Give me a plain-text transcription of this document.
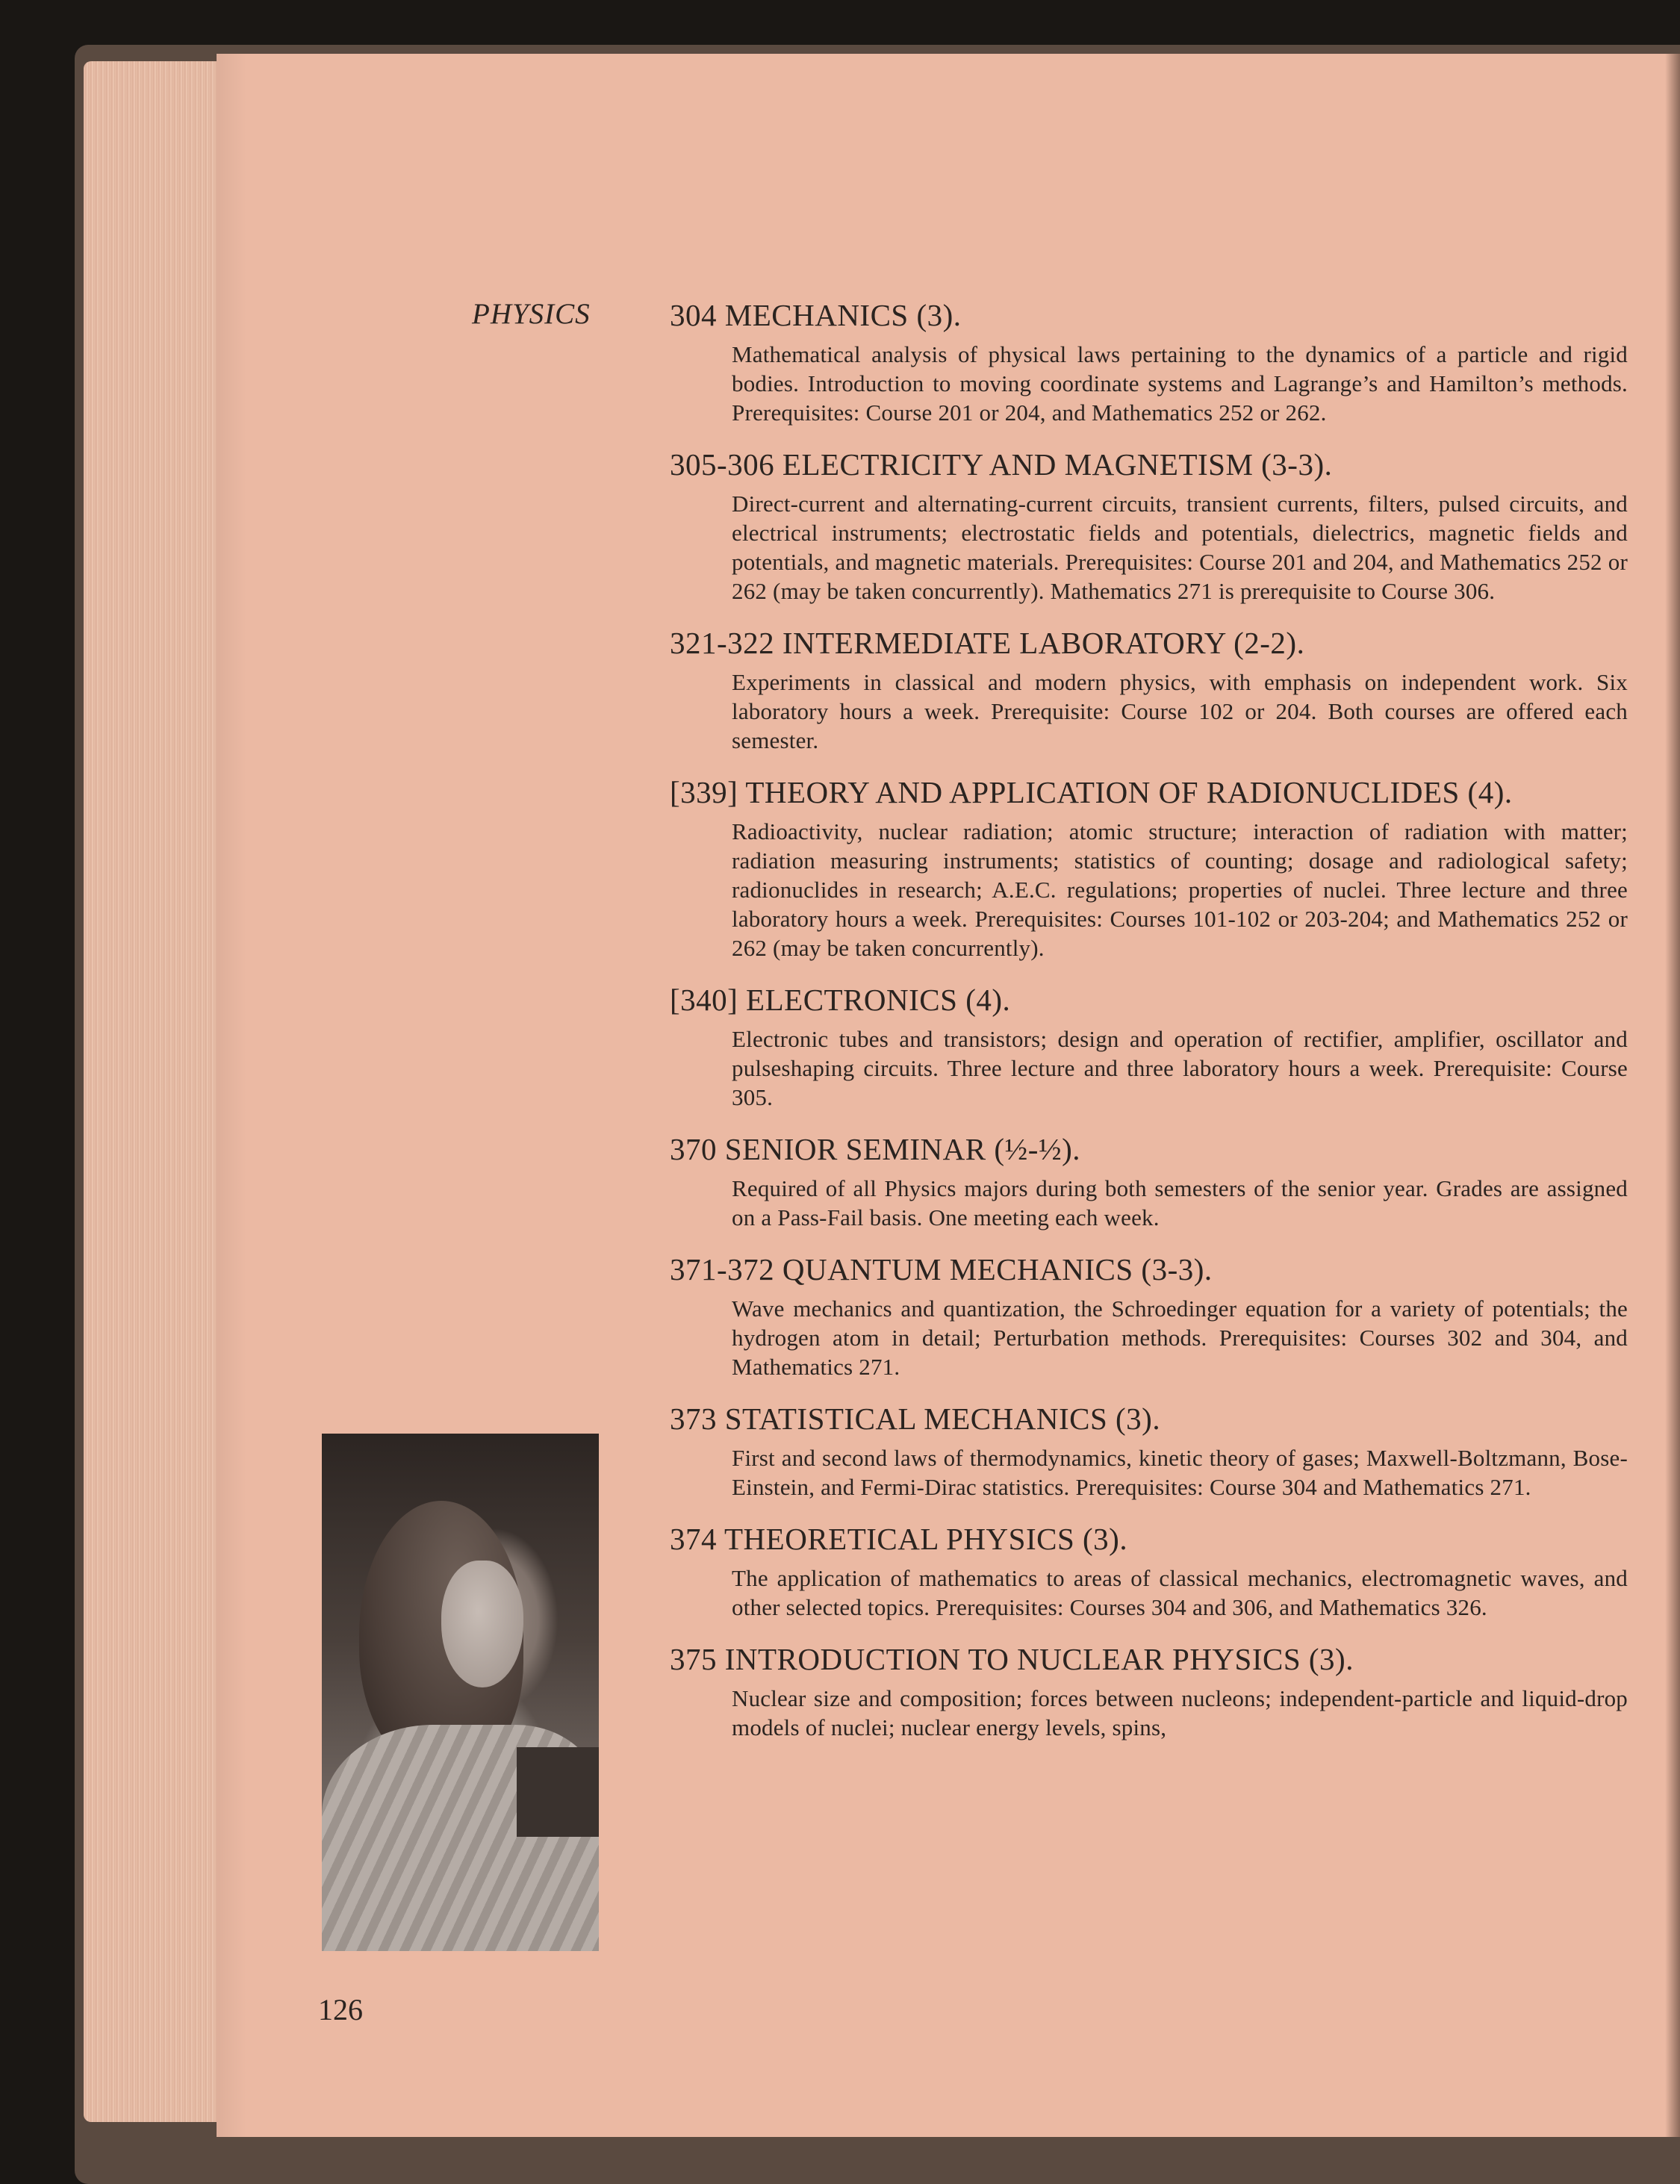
PHYSICS	304 MECHANICS (3).
Mathematical analysis of physical laws pertaining to the dynamics of a particle and rigid bodies. Introduction to moving coordinate systems and Lagrange’s and Hamilton’s methods. Prerequisites: Course 201 or 204, and Mathematics 252 or 262.
305-306 ELECTRICITY AND MAGNETISM (3-3).
Direct-current and alternating-current circuits, transient currents, filters, pulsed circuits, and electrical instruments; electrostatic fields and potentials, dielectrics, magnetic fields and potentials, and magnetic materials. Prerequisites: Course 201 and 204, and Mathematics 252 or 262 (may be taken concurrently). Mathematics 271 is prerequisite to Course 306.
321-322 INTERMEDIATE LABORATORY (2-2).
Experiments in classical and modern physics, with emphasis on independent work. Six laboratory hours a week. Prerequisite: Course 102 or 204. Both courses are offered each semester.
[339] THEORY AND APPLICATION OF RADIONUCLIDES (4).
Radioactivity, nuclear radiation; atomic structure; interaction of radiation with matter; radiation measuring instruments; statistics of counting; dosage and radiological safety; radionuclides in research; A.E.C. regulations; properties of nuclei. Three lecture and three laboratory hours a week. Prerequisites: Courses 101-102 or 203-204; and Mathematics 252 or 262 (may be taken concurrently).
[340] ELECTRONICS (4).
Electronic tubes and transistors; design and operation of rectifier, amplifier, oscillator and pulseshaping circuits. Three lecture and three laboratory hours a week. Prerequisite: Course 305.
370 SENIOR SEMINAR (½-½).
Required of all Physics majors during both semesters of the senior year. Grades are assigned on a Pass-Fail basis. One meeting each week.
371-372 QUANTUM MECHANICS (3-3).
Wave mechanics and quantization, the Schroedinger equation for a variety of potentials; the hydrogen atom in detail; Perturbation methods. Prerequisites: Courses 302 and 304, and Mathematics 271.
373 STATISTICAL MECHANICS (3).
First and second laws of thermodynamics, kinetic theory of gases; Maxwell-Boltzmann, Bose-Einstein, and Fermi-Dirac statistics. Prerequisites: Course 304 and Mathematics 271.
374 THEORETICAL PHYSICS (3).
The application of mathematics to areas of classical mechanics, electromagnetic waves, and other selected topics. Prerequisites: Courses 304 and 306, and Mathematics 326.
375 INTRODUCTION TO NUCLEAR PHYSICS (3).
Nuclear size and composition; forces between nucleons; independent-particle and liquid-drop models of nuclei; nuclear energy levels, spins,
126
